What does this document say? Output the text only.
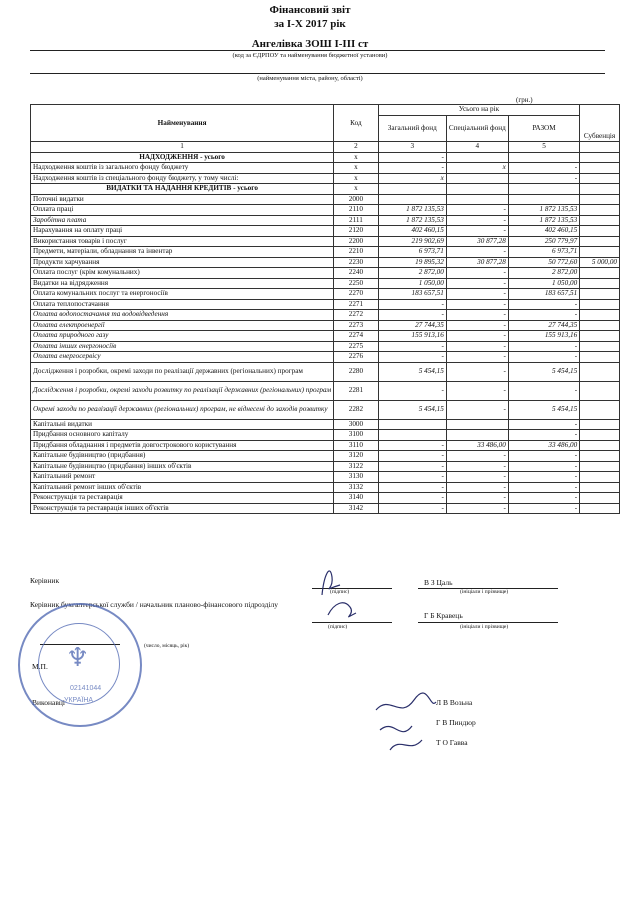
Фінансовий звіт
за I-X 2017 рік
Ангелівка ЗОШ I-III ст
(код за ЄДРПОУ та найменування бюджетної установи)
(найменування міста, району, області)
(грн.)
Найменування	Код	Усього на рік			Субвенція
		Загальний фонд	Спеціальний фонд	РАЗОМ	
1	2	3	4	5	
НАДХОДЖЕННЯ - усього	x	-			
Надходження коштів із загального фонду бюджету	x	-	x	-	
Надходження коштів із спеціального фонду бюджету, у тому числі:	x	x		-	
ВИДАТКИ ТА НАДАННЯ КРЕДИТІВ - усього	x				
Поточні видатки	2000				
Оплата праці	2110	1 872 135,53	-	1 872 135,53	
Заробітна плата	2111	1 872 135,53	-	1 872 135,53	
Нарахування на оплату праці	2120	402 460,15	-	402 460,15	
Використання товарів і послуг	2200	219 902,69	30 877,28	250 779,97	
Предмети, матеріали, обладнання та інвентар	2210	6 973,71	-	6 973,71	
Продукти харчування	2230	19 895,32	30 877,28	50 772,60	5 000,00
Оплата послуг (крім комунальних)	2240	2 872,00	-	2 872,00	
Видатки на відрядження	2250	1 050,00	-	1 050,00	
Оплата комунальних послуг та енергоносіїв	2270	183 657,51	-	183 657,51	
Оплата теплопостачання	2271	-	-	-	
Оплата водопостачання та водовідведення	2272	-	-	-	
Оплата електроенергії	2273	27 744,35	-	27 744,35	
Оплата природного газу	2274	155 913,16	-	155 913,16	
Оплата інших енергоносіїв	2275	-	-	-	
Оплата енергосервісу	2276	-	-	-	
Дослідження і розробки, окремі заходи по реалізації державних (регіональних) програм	2280	5 454,15	-	5 454,15	
Дослідження і розробки, окремі заходи розвитку по реалізації державних (регіональних) програм	2281	-	-	-	
Окремі заходи по реалізації державних (регіональних) програм, не віднесені до заходів розвитку	2282	5 454,15	-	5 454,15	
Капітальні видатки	3000			-	
Придбання основного капіталу	3100			-	
Придбання обладнання і предметів довгострокового користування	3110	-	33 486,00	33 486,00	
Капітальне будівництво (придбання)	3120	-	-	-	
Капітальне будівництво (придбання) інших об'єктів	3122	-	-	-	
Капітальний ремонт	3130	-	-	-	
Капітальний ремонт інших об'єктів	3132	-	-	-	
Реконструкція та реставрація	3140	-	-	-	
Реконструкція та реставрація інших об'єктів	3142	-	-	-	
Керівник
(підпис)
В З Цаль
(ініціали і прізвище)
Керівник бухгалтерської служби / начальник планово-фінансового підрозділу
(підпис)
Г Б Кравець
(ініціали і прізвище)
(число, місяць, рік)
М.П.
Виконавці	Л В Возьна
Г В Пиндюр
Т О Гавва
♆
02141044
УКРАЇНА
